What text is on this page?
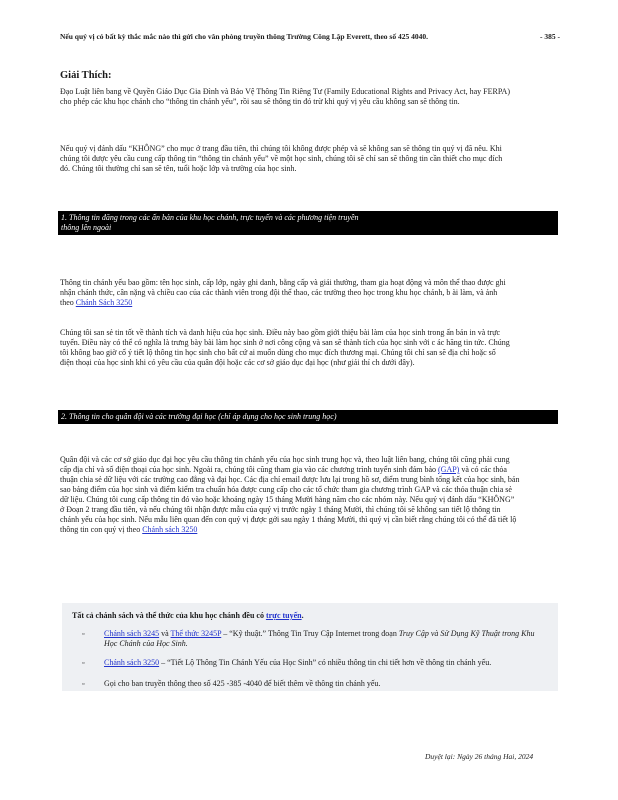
Nếu quý vị có bất kỳ thắc mắc nào thì gửi cho văn phòng truyền thông Trường Công Lập Everett, theo số 425 4040.	- 385 -
Giải Thích:
Đạo Luật liên bang về Quyền Giáo Dục Gia Đình và Bảo Vệ Thông Tin Riêng Tư (Family Educational Rights and Privacy Act, hay FERPA) cho phép các khu học chánh cho “thông tin chánh yếu”, rồi sau sẽ thông tin đó trừ khi quý vị yêu cầu không san sẽ thông tin.
Nếu quý vị đánh dấu “KHÔNG” cho mục ở trang đầu tiên, thì chúng tôi không được phép và sẽ không san sẽ thông tin quý vị đã nêu. Khi chúng tôi được yêu cầu cung cấp thông tin “thông tin chánh yếu” về một học sinh, chúng tôi sẽ chỉ san sẽ thông tin cần thiết cho mục đích đó. Chúng tôi thường chỉ san sẽ tên, tuổi hoặc lớp và trường của học sinh.
1. Thông tin đăng trong các ấn bản của khu học chánh, trực tuyến và các phương tiện truyền
thông lên ngoài
Thông tin chánh yếu bao gồm: tên học sinh, cấp lớp, ngày ghi danh, bằng cấp và giải thưởng, tham gia hoạt động và môn thể thao được ghi nhận chánh thức, cân nặng và chiều cao của các thành viên trong đội thể thao, các trường theo học trong khu học chánh, b ài làm, và ảnh theo Chánh Sách 3250
Chúng tôi san sẻ tin tốt về thành tích và danh hiệu của học sinh. Điều này bao gồm giới thiệu bài làm của học sinh trong ấn bản in và trực tuyến. Điều này có thể có nghĩa là trưng bày bài làm học sinh ở nơi công cộng và san sẽ thành tích của học sinh với c ác hãng tin tức. Chúng tôi không bao giờ cố ý tiết lộ thông tin học sinh cho bất cứ ai muốn dùng cho mục đích thương mại. Chúng tôi chỉ san sẽ địa chỉ hoặc số điện thoại của học sinh khi có yêu cầu của quân đội hoặc các cơ sở giáo dục đại học (như giải thí ch dưới đây).
2. Thông tin cho quân đội và các trường đại học (chỉ áp dụng cho học sinh trung học)
Quân đội và các cơ sở giáo dục đại học yêu cầu thông tin chánh yếu của học sinh trung học và, theo luật liên bang, chúng tôi cũng phải cung cấp địa chỉ và số điện thoại của học sinh. Ngoài ra, chúng tôi cũng tham gia vào các chương trình tuyển sinh đảm bảo (GAP) và có các thỏa thuận chia sẻ dữ liệu với các trường cao đẳng và đại học. Các địa chỉ email được lưu lại trong hồ sơ, điểm trung bình tổng kết của học sinh, bản sao bảng điểm của học sinh và điểm kiểm tra chuẩn hóa được cung cấp cho các tổ chức tham gia chương trình GAP và các thỏa thuận chia sẻ dữ liệu. Chúng tôi cung cấp thông tin đó vào hoặc khoảng ngày 15 tháng Mười hàng năm cho các nhóm này. Nếu quý vị đánh dấu “KHÔNG” ở Đoạn 2 trang đầu tiên, và nếu chúng tôi nhận được mẫu của quý vị trước ngày 1 tháng Mười, thì chúng tôi sẽ không san tiết lộ thông tin chánh yếu của học sinh. Nếu mẫu liên quan đến con quý vị được gởi sau ngày 1 tháng Mười, thì quý vị cần biết rằng chúng tôi có thể đã tiết lộ thông tin con quý vị theo Chánh sách 3250
Tất cả chánh sách và thể thức của khu học chánh đều có trực tuyến.
▫ Chánh sách 3245 và Thể thức 3245P – “Kỹ thuật.” Thông Tin Truy Cập Internet trong đoạn Truy Cập và Sử Dụng Kỹ Thuật trong Khu Học Chánh của Học Sinh.
▫ Chánh sách 3250 – “Tiết Lộ Thông Tin Chánh Yếu của Học Sinh” có nhiều thông tin chi tiết hơn về thông tin chánh yếu.
▫ Gọi cho ban truyền thông theo số 425 -385 -4040 để biết thêm về thông tin chánh yếu.
Duyệt lại: Ngày 26 tháng Hai, 2024
